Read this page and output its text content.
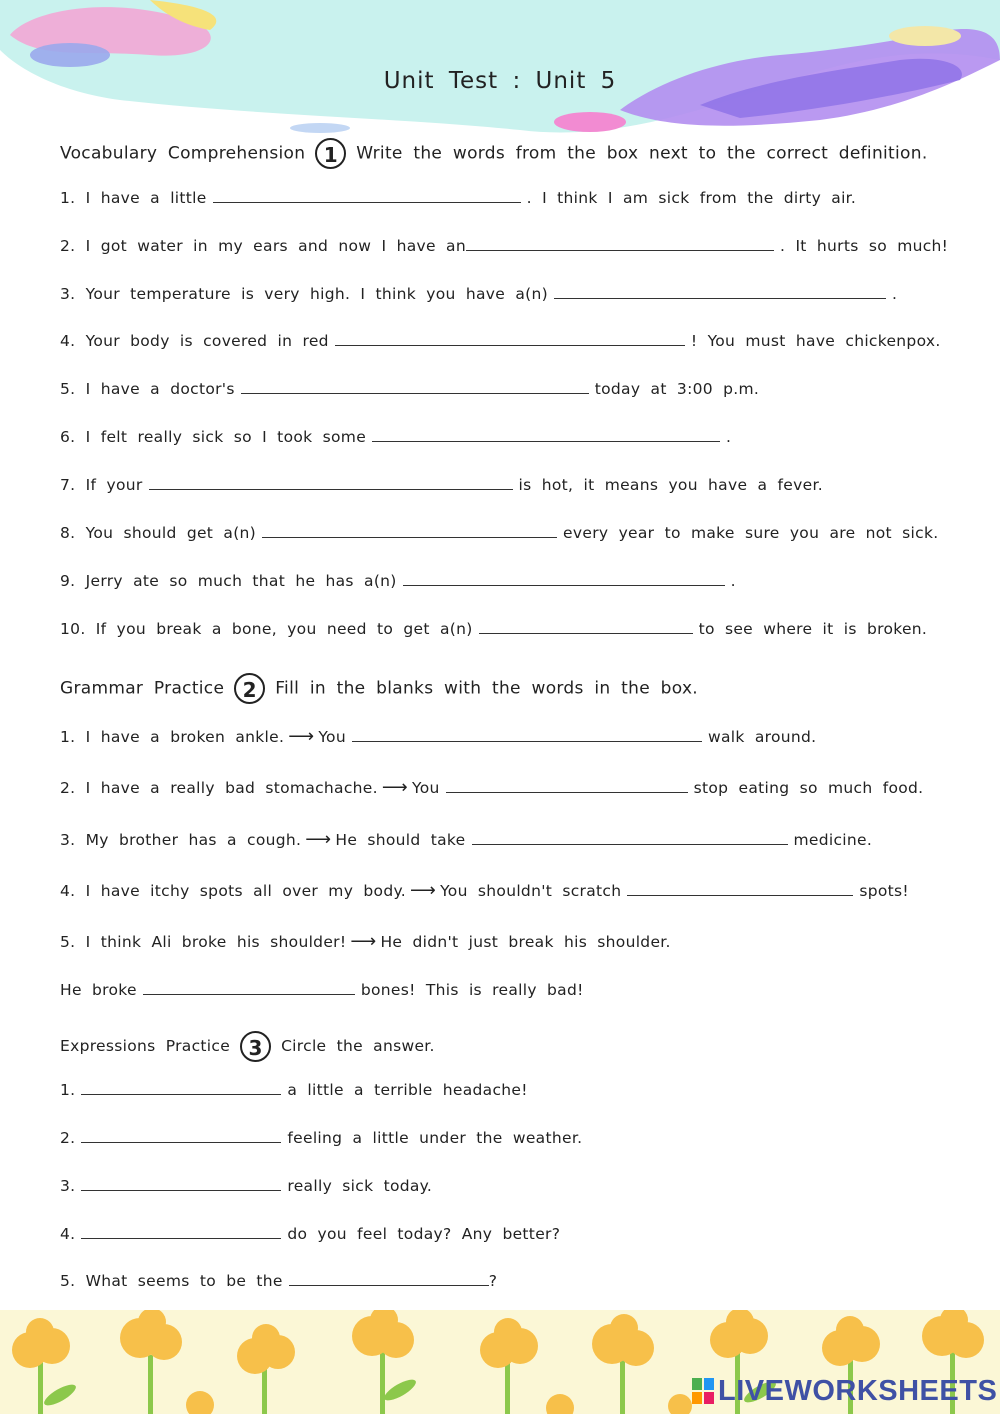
Unit Test : Unit 5
Vocabulary Comprehension 1 Write the words from the box next to the correct definition.
1. I have a little	. I think I am sick from the dirty air.
2. I got water in my ears and now I have an	. It hurts so much!
3. Your temperature is very high. I think you have a(n)	.
4. Your body is covered in red	! You must have chickenpox.
5. I have a doctor's	today at 3:00 p.m.
6. I felt really sick so I took some	.
7. If your	is hot, it means you have a fever.
8. You should get a(n)	every year to make sure you are not sick.
9. Jerry ate so much that he has a(n)	.
10. If you break a bone, you need to get a(n)	to see where it is broken.
Grammar Practice 2 Fill in the blanks with the words in the box.
1. I have a broken ankle. ⟶ You	walk around.
2. I have a really bad stomachache. ⟶ You	stop eating so much food.
3. My brother has a cough. ⟶ He should take	medicine.
4. I have itchy spots all over my body. ⟶ You shouldn't scratch	spots!
5. I think Ali broke his shoulder! ⟶ He didn't just break his shoulder.
He broke	bones! This is really bad!
Expressions Practice 3 Circle the answer.
1.	a little a terrible headache!
2.	feeling a little under the weather.
3.	really sick today.
4.	do you feel today? Any better?
5. What seems to be the	?
LIVEWORKSHEETS
